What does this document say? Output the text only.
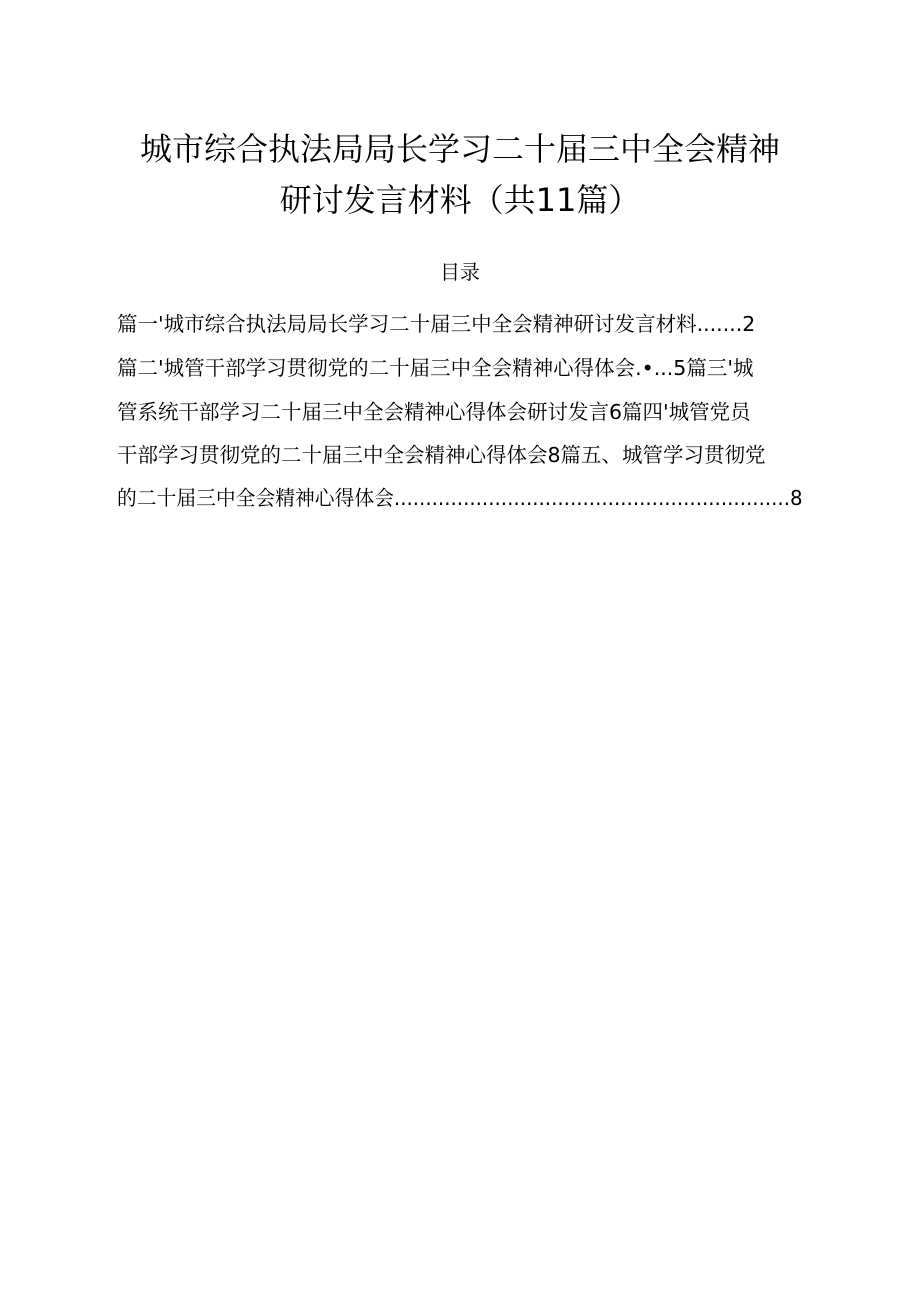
城市综合执法局局长学习二十届三中全会精神
研讨发言材料（共11篇）
目录
篇一'城市综合执法局局长学习二十届三中全会精神研讨发言材料.......2
篇二'城管干部学习贯彻党的二十届三中全会精神心得体会.•...5篇三'城
管系统干部学习二十届三中全会精神心得体会研讨发言6篇四'城管党员
干部学习贯彻党的二十届三中全会精神心得体会8篇五、城管学习贯彻党
的二十届三中全会精神心得体会...............................................................8
